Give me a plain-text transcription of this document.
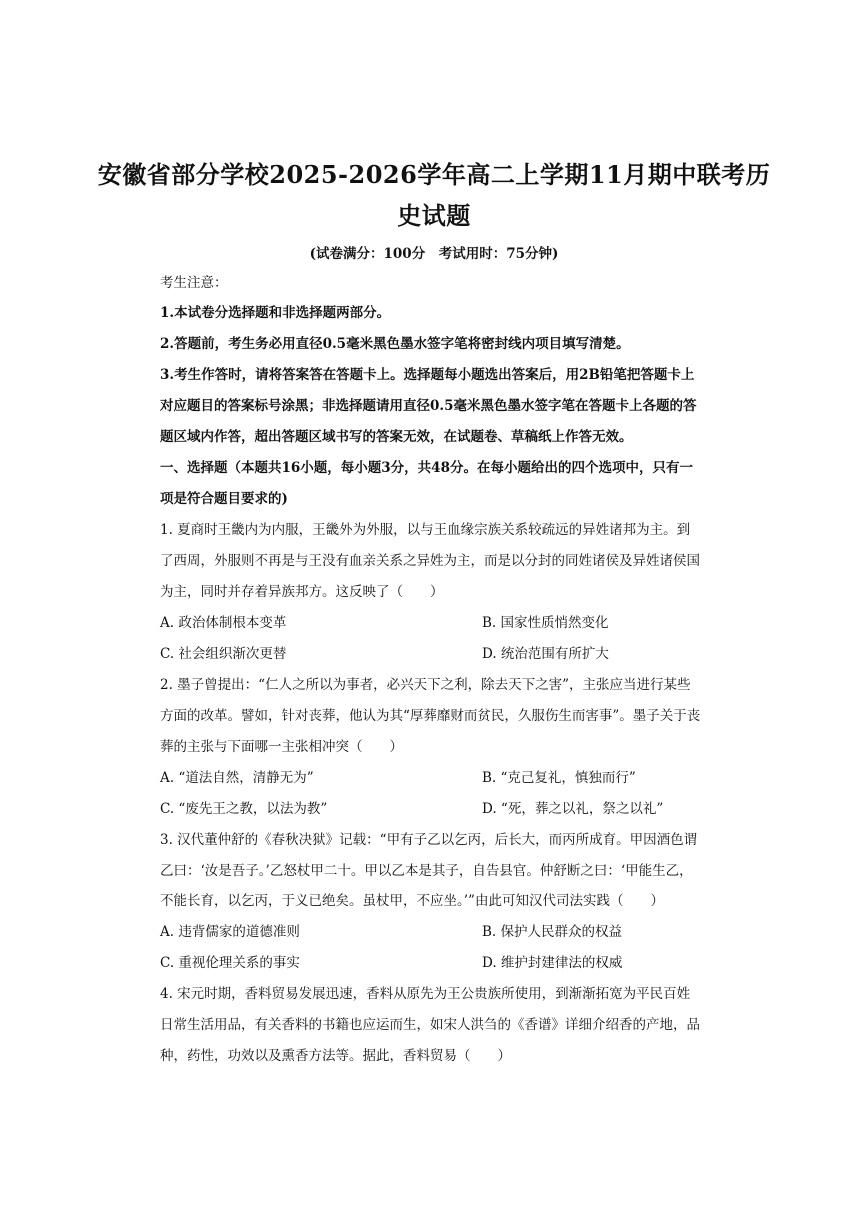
安徽省部分学校2025-2026学年高二上学期11月期中联考历
史试题
(试卷满分：100分　考试用时：75分钟)
考生注意：
1.本试卷分选择题和非选择题两部分。
2.答题前，考生务必用直径0.5毫米黑色墨水签字笔将密封线内项目填写清楚。
3.考生作答时，请将答案答在答题卡上。选择题每小题选出答案后，用2B铅笔把答题卡上
对应题目的答案标号涂黑；非选择题请用直径0.5毫米黑色墨水签字笔在答题卡上各题的答
题区域内作答，超出答题区域书写的答案无效，在试题卷、草稿纸上作答无效。
一、选择题（本题共16小题，每小题3分，共48分。在每小题给出的四个选项中，只有一
项是符合题目要求的)
1. 夏商时王畿内为内服，王畿外为外服，以与王血缘宗族关系较疏远的异姓诸邦为主。到
了西周，外服则不再是与王没有血亲关系之异姓为主，而是以分封的同姓诸侯及异姓诸侯国
为主，同时并存着异族邦方。这反映了（　　）
A. 政治体制根本变革	B. 国家性质悄然变化
C. 社会组织渐次更替	D. 统治范围有所扩大
2. 墨子曾提出：“仁人之所以为事者，必兴天下之利，除去天下之害”，主张应当进行某些
方面的改革。譬如，针对丧葬，他认为其“厚葬靡财而贫民，久服伤生而害事”。墨子关于丧
葬的主张与下面哪一主张相冲突（　　）
A. “道法自然，清静无为”	B. “克己复礼，慎独而行”
C. “废先王之教，以法为教”	D. “死，葬之以礼，祭之以礼”
3. 汉代董仲舒的《春秋决狱》记载：“甲有子乙以乞丙，后长大，而丙所成育。甲因酒色谓
乙曰：‘汝是吾子。’乙怒杖甲二十。甲以乙本是其子，自告县官。仲舒断之曰：‘甲能生乙，
不能长育，以乞丙，于义已绝矣。虽杖甲，不应坐。’”由此可知汉代司法实践（　　）
A. 违背儒家的道德准则	B. 保护人民群众的权益
C. 重视伦理关系的事实	D. 维护封建律法的权威
4. 宋元时期，香料贸易发展迅速，香料从原先为王公贵族所使用，到渐渐拓宽为平民百姓
日常生活用品，有关香料的书籍也应运而生，如宋人洪刍的《香谱》详细介绍香的产地，品
种，药性，功效以及熏香方法等。据此，香料贸易（　　）
